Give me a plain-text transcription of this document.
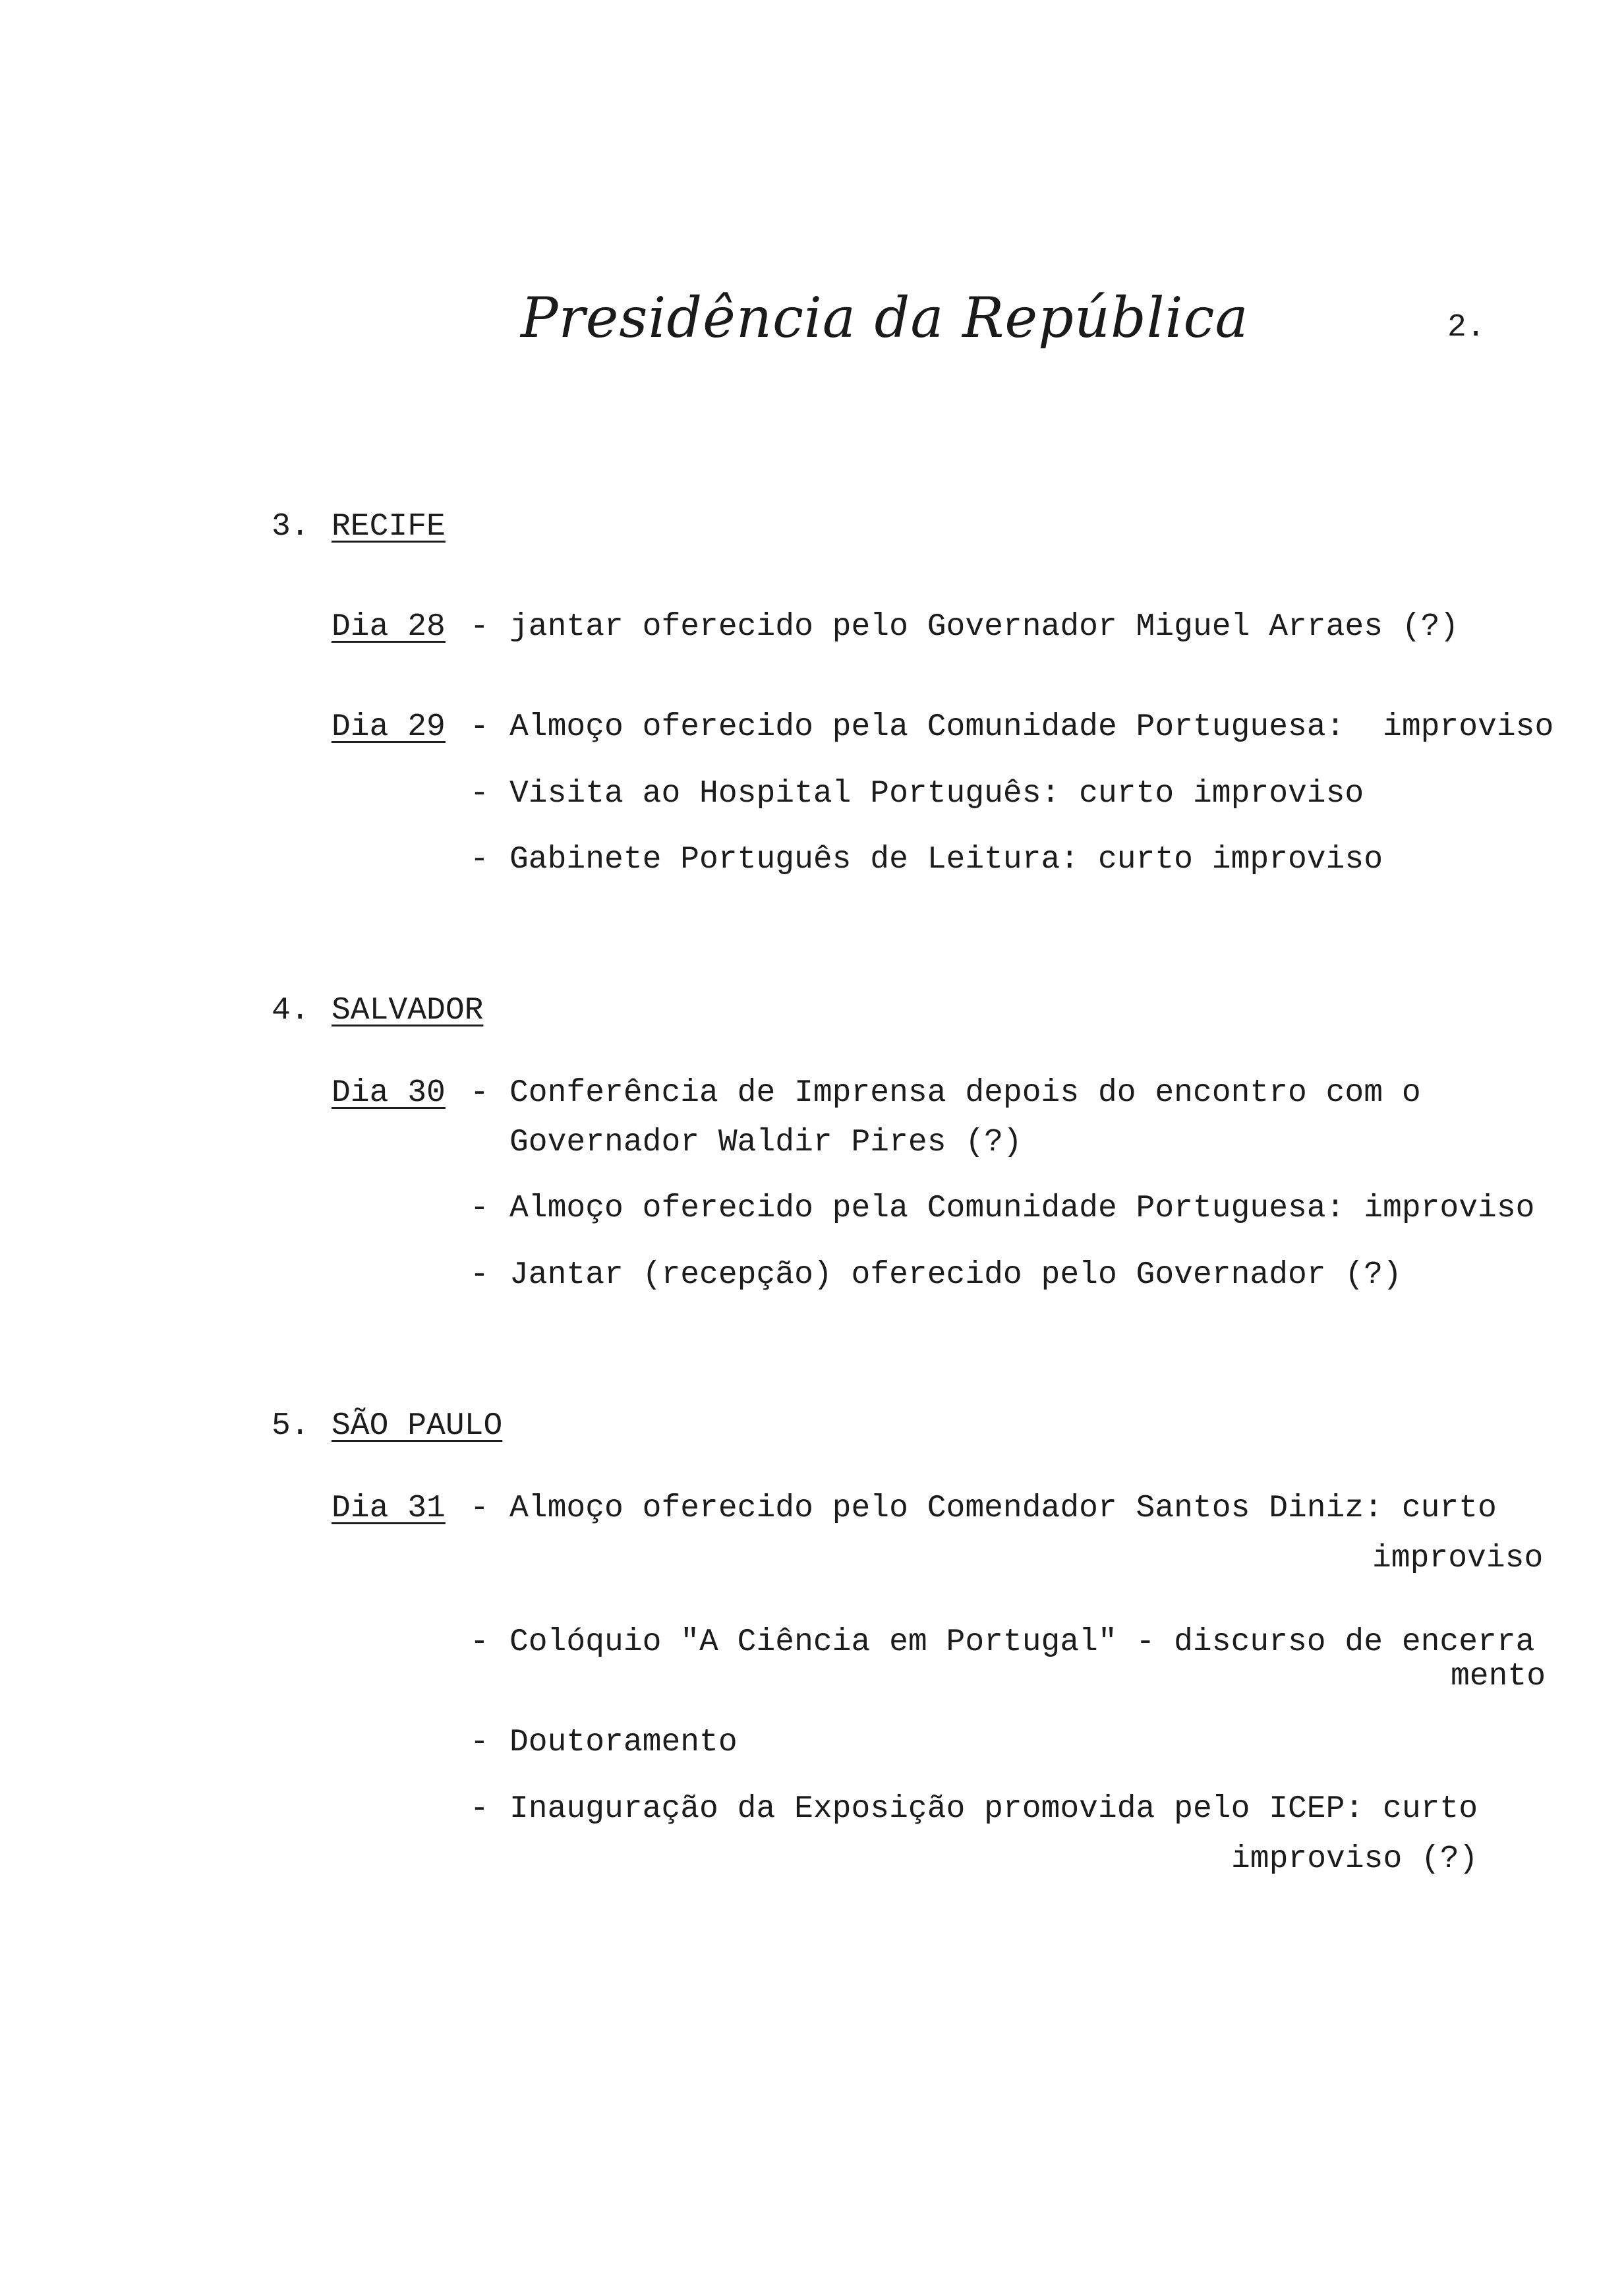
Presidência da República	2.
3. RECIFE
Dia 28 - jantar oferecido pelo Governador Miguel Arraes (?)
Dia 29 - Almoço oferecido pela Comunidade Portuguesa:  improviso
- Visita ao Hospital Português: curto improviso
- Gabinete Português de Leitura: curto improviso
4. SALVADOR
Dia 30 - Conferência de Imprensa depois do encontro com o
Governador Waldir Pires (?)
- Almoço oferecido pela Comunidade Portuguesa: improviso
- Jantar (recepção) oferecido pelo Governador (?)
5. SÃO PAULO
Dia 31 - Almoço oferecido pelo Comendador Santos Diniz: curto
improviso
- Colóquio "A Ciência em Portugal" - discurso de encerra
mento
- Doutoramento
- Inauguração da Exposição promovida pelo ICEP: curto
improviso (?)
